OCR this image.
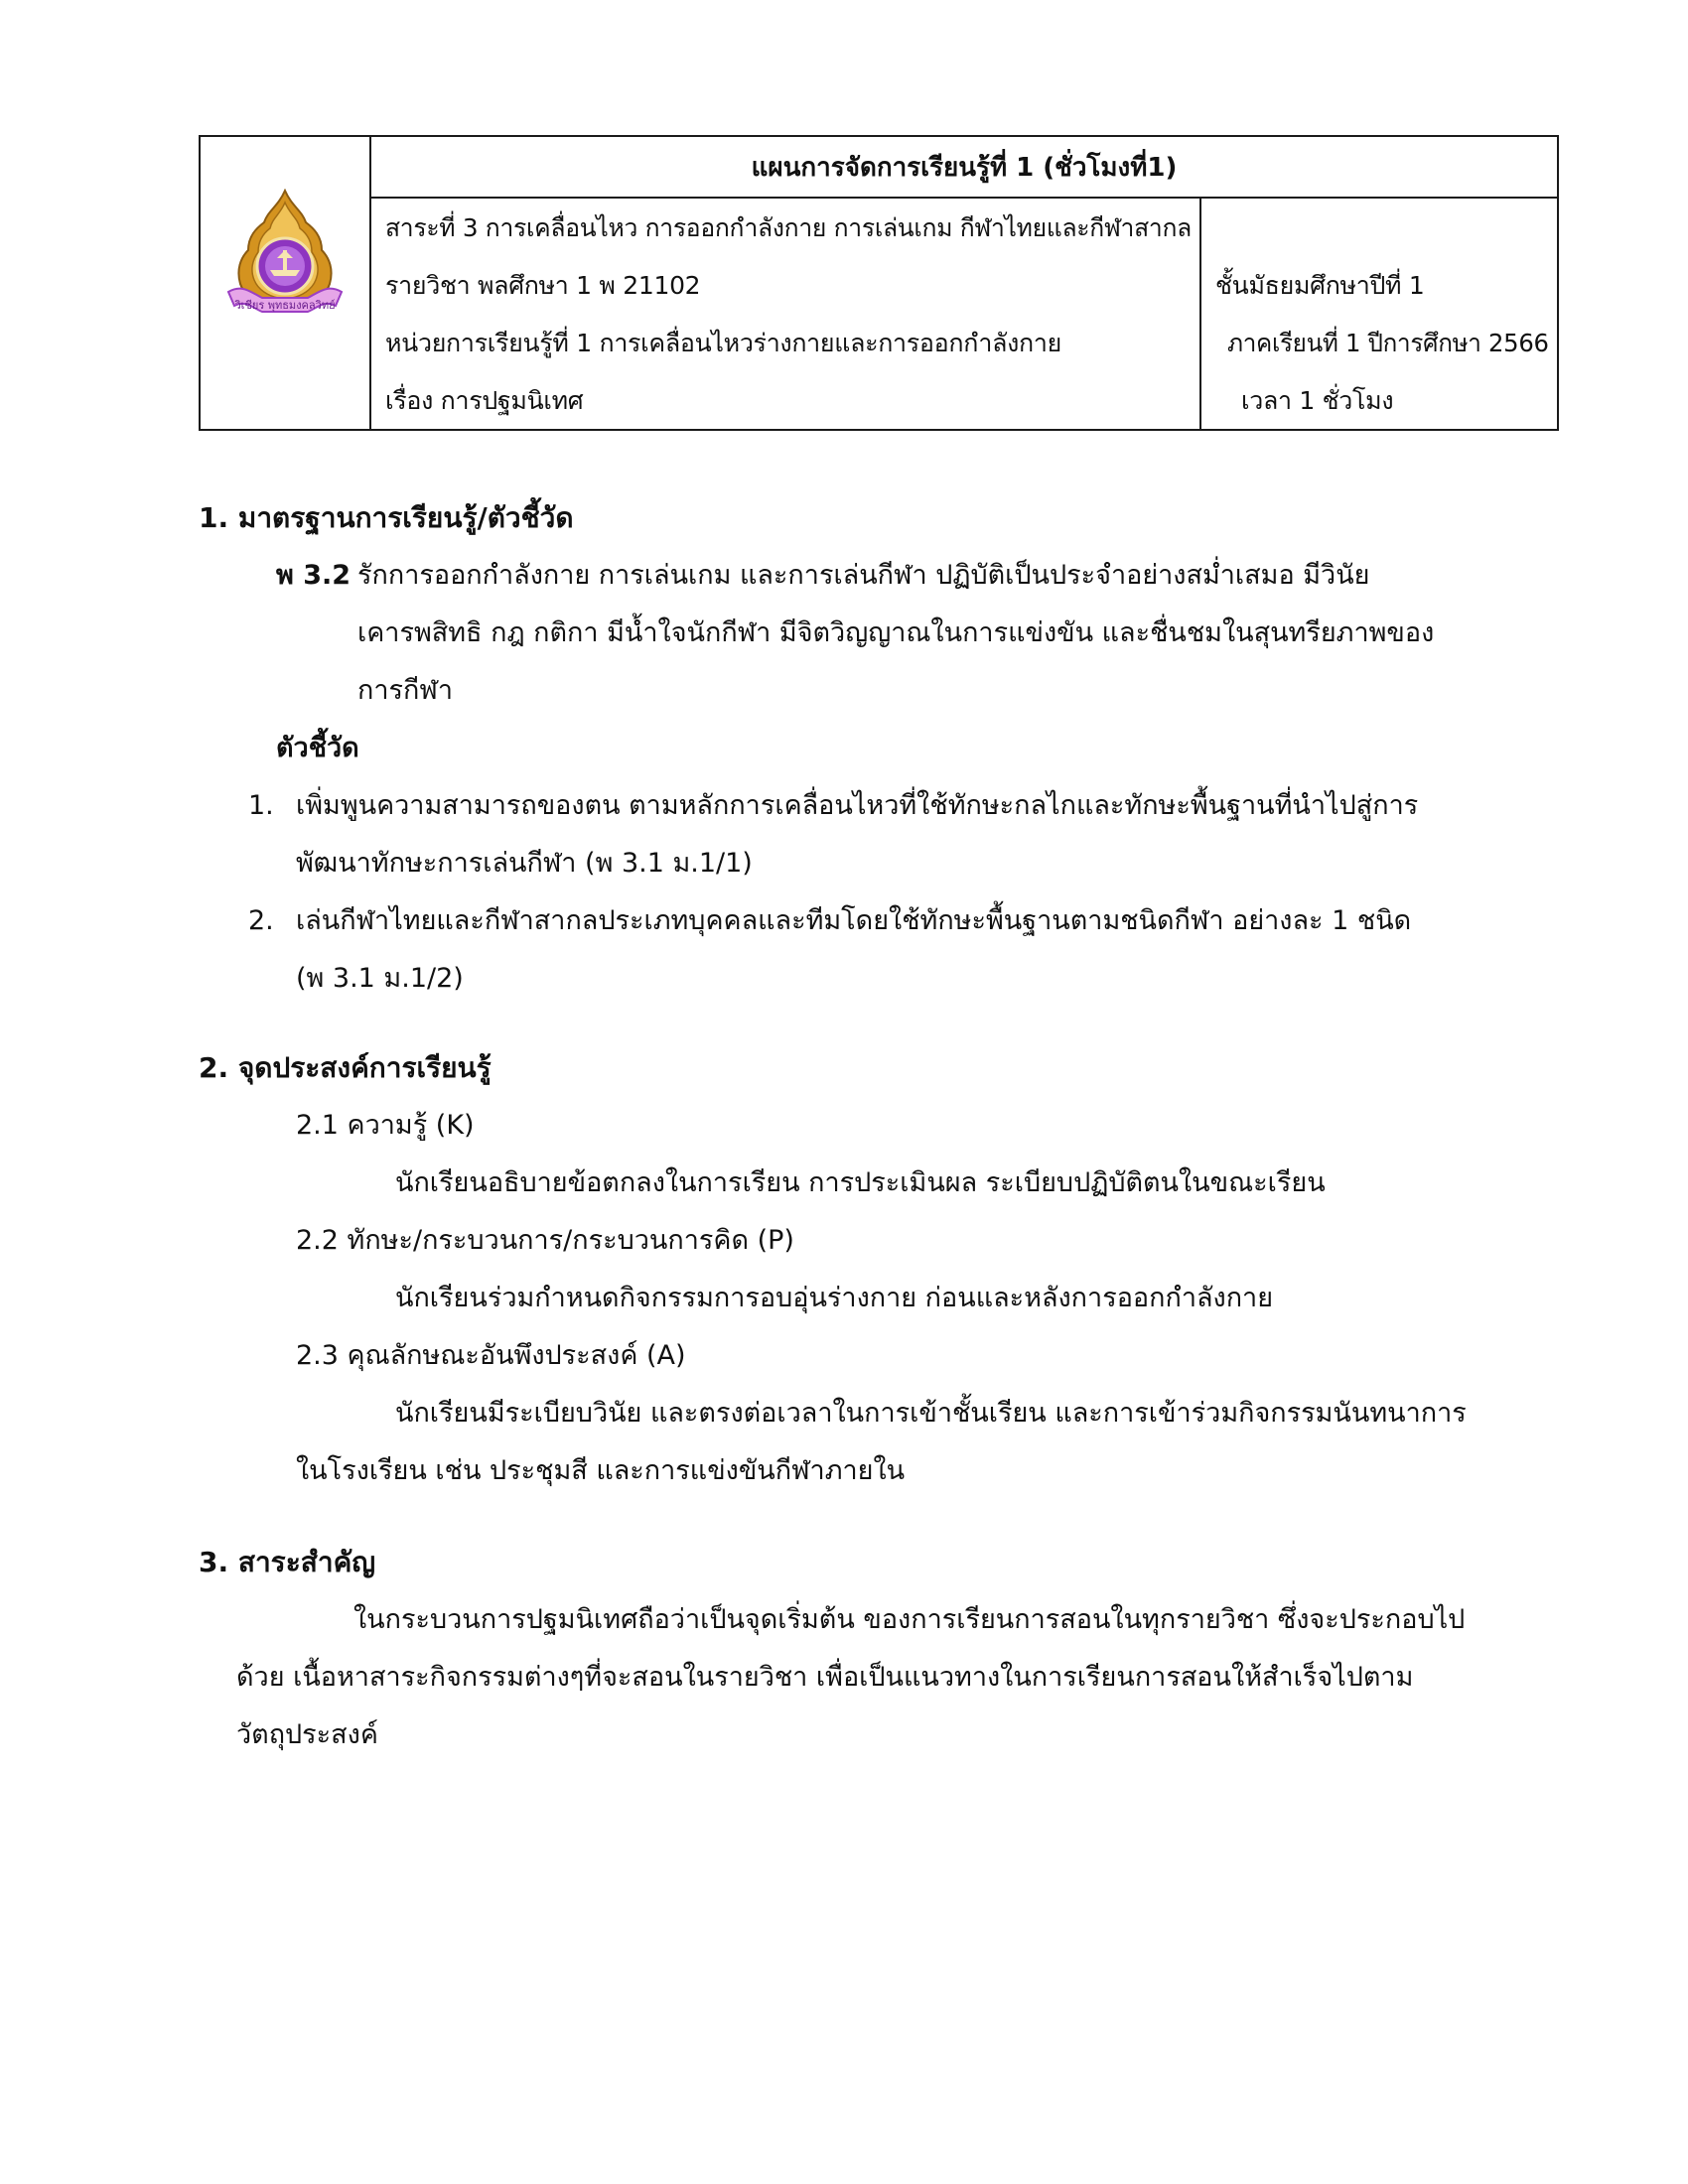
วิเชียร พุทธมงคลวิทย์
แผนการจัดการเรียนรู้ที่ 1 (ชั่วโมงที่1)
สาระที่ 3 การเคลื่อนไหว การออกกำลังกาย การเล่นเกม กีฬาไทยและกีฬาสากล
รายวิชา พลศึกษา 1 พ 21102
หน่วยการเรียนรู้ที่ 1 การเคลื่อนไหวร่างกายและการออกกำลังกาย
เรื่อง การปฐมนิเทศ
ชั้นมัธยมศึกษาปีที่ 1
ภาคเรียนที่ 1 ปีการศึกษา 2566
เวลา 1 ชั่วโมง
1. มาตรฐานการเรียนรู้/ตัวชี้วัด
พ 3.2 รักการออกกำลังกาย การเล่นเกม และการเล่นกีฬา ปฏิบัติเป็นประจำอย่างสม่ำเสมอ มีวินัย
เคารพสิทธิ กฎ กติกา มีน้ำใจนักกีฬา มีจิตวิญญาณในการแข่งขัน และชื่นชมในสุนทรียภาพของ
การกีฬา
ตัวชี้วัด
1. เพิ่มพูนความสามารถของตน ตามหลักการเคลื่อนไหวที่ใช้ทักษะกลไกและทักษะพื้นฐานที่นำไปสู่การ
พัฒนาทักษะการเล่นกีฬา (พ 3.1 ม.1/1)
2. เล่นกีฬาไทยและกีฬาสากลประเภทบุคคลและทีมโดยใช้ทักษะพื้นฐานตามชนิดกีฬา อย่างละ 1 ชนิด
(พ 3.1 ม.1/2)
2. จุดประสงค์การเรียนรู้
2.1 ความรู้ (K)
นักเรียนอธิบายข้อตกลงในการเรียน การประเมินผล ระเบียบปฏิบัติตนในขณะเรียน
2.2 ทักษะ/กระบวนการ/กระบวนการคิด (P)
นักเรียนร่วมกำหนดกิจกรรมการอบอุ่นร่างกาย ก่อนและหลังการออกกำลังกาย
2.3 คุณลักษณะอันพึงประสงค์ (A)
นักเรียนมีระเบียบวินัย และตรงต่อเวลาในการเข้าชั้นเรียน และการเข้าร่วมกิจกรรมนันทนาการ
ในโรงเรียน เช่น ประชุมสี และการแข่งขันกีฬาภายใน
3. สาระสำคัญ
ในกระบวนการปฐมนิเทศถือว่าเป็นจุดเริ่มต้น ของการเรียนการสอนในทุกรายวิชา ซึ่งจะประกอบไป
ด้วย เนื้อหาสาระกิจกรรมต่างๆที่จะสอนในรายวิชา เพื่อเป็นแนวทางในการเรียนการสอนให้สำเร็จไปตาม
วัตถุประสงค์
